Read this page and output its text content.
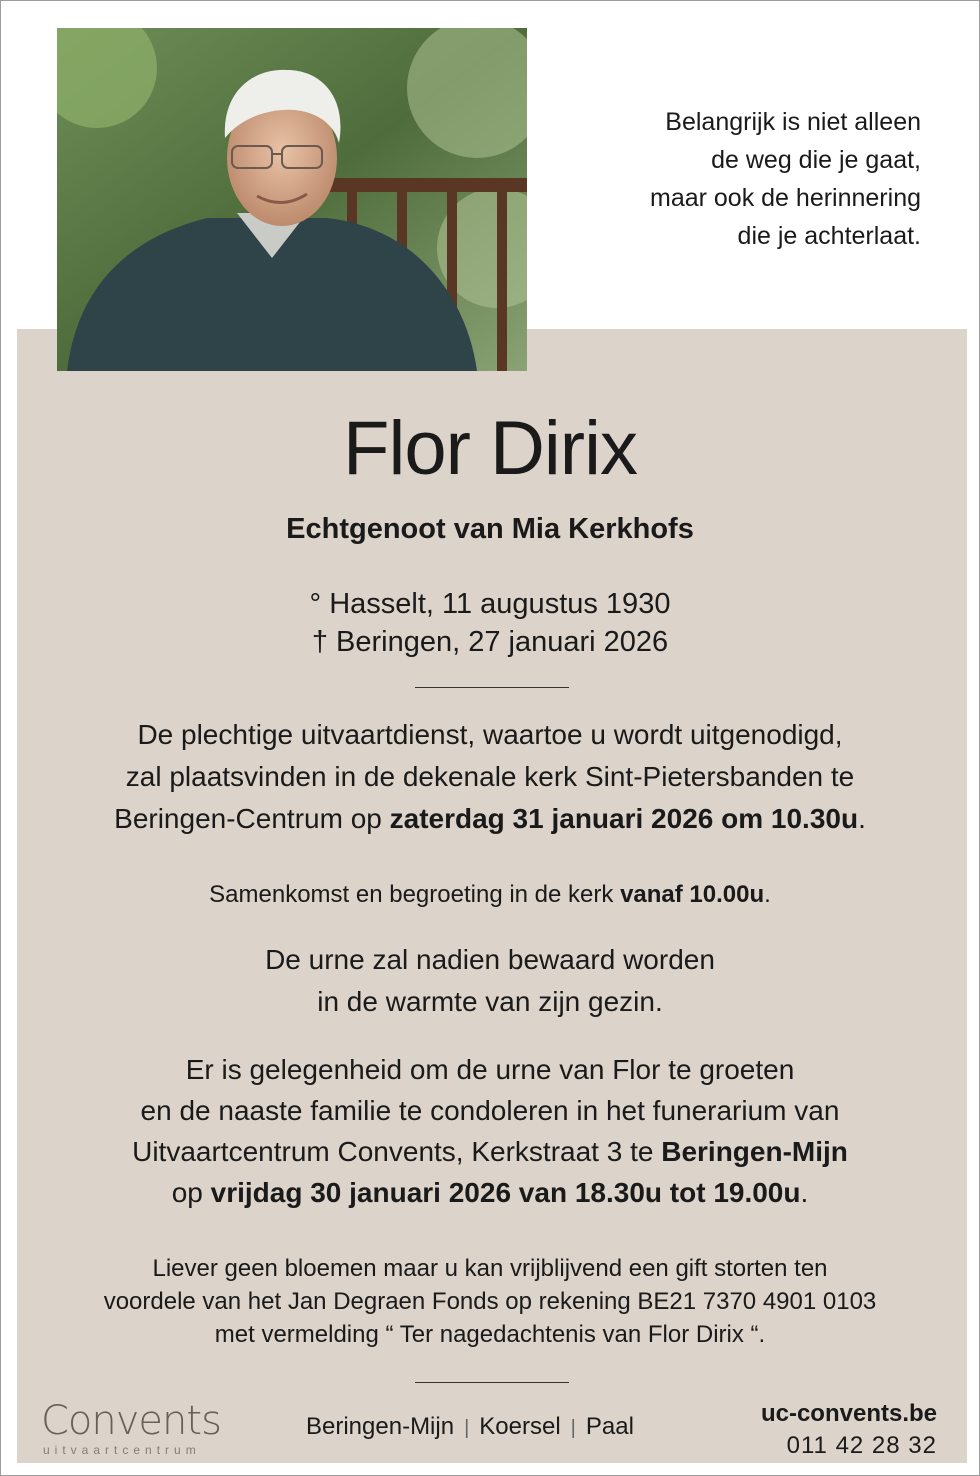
Belangrijk is niet alleen
de weg die je gaat,
maar ook de herinnering
die je achterlaat.
Flor Dirix
Echtgenoot van Mia Kerkhofs
° Hasselt, 11 augustus 1930
† Beringen, 27 januari 2026
De plechtige uitvaartdienst, waartoe u wordt uitgenodigd,
zal plaatsvinden in de dekenale kerk Sint-Pietersbanden te
Beringen-Centrum op zaterdag 31 januari 2026 om 10.30u.
Samenkomst en begroeting in de kerk vanaf 10.00u.
De urne zal nadien bewaard worden
in de warmte van zijn gezin.
Er is gelegenheid om de urne van Flor te groeten
en de naaste familie te condoleren in het funerarium van
Uitvaartcentrum Convents, Kerkstraat 3 te Beringen-Mijn
op vrijdag 30 januari 2026 van 18.30u tot 19.00u.
Liever geen bloemen maar u kan vrijblijvend een gift storten ten
voordele van het Jan Degraen Fonds op rekening BE21 7370 4901 0103
met vermelding “ Ter nagedachtenis van Flor Dirix “.
Convents
uitvaartcentrum
Beringen-Mijn | Koersel | Paal	uc-convents.be
011 42 28 32
